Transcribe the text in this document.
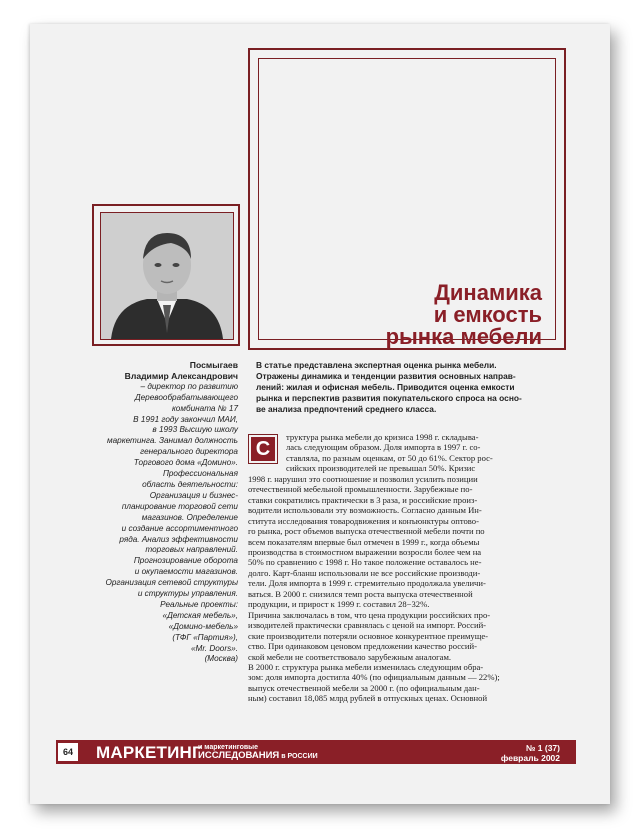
Динамика
и емкость
рынка мебели
Посмыгаев
Владимир Александрович
– директор по развитию
Деревообрабатывающего
комбината № 17
В 1991 году закончил МАИ,
в 1993 Высшую школу
маркетинга. Занимал должность
генерального директора
Торгового дома «Домино».
Профессиональная
область деятельности:
Организация и бизнес-
планирование торговой сети
магазинов. Определение
и создание ассортиментного
ряда. Анализ эффективности
торговых направлений.
Прогнозирование оборота
и окупаемости магазинов.
Организация сетевой структуры
и структуры управления.
Реальные проекты:
«Детская мебель»,
«Домино-мебель»
(ТФГ «Партия»),
«Mr. Doors».
(Москва)
В статье представлена экспертная оценка рынка мебели.
Отражены динамика и тенденции развития основных направ-
лений: жилая и офисная мебель. Приводится оценка емкости
рынка и перспектив развития покупательского спроса на осно-
ве анализа предпочтений среднего класса.
С
труктура рынка мебели до кризиса 1998 г. складыва-
лась следующим образом. Доля импорта в 1997 г. со-
ставляла, по разным оценкам, от 50 до 61%. Сектор рос-
сийских производителей не превышал 50%. Кризис
1998 г. нарушил это соотношение и позволил усилить позиции
отечественной мебельной промышленности. Зарубежные по-
ставки сократились практически в 3 раза, и российские произ-
водители использовали эту возможность. Согласно данным Ин-
ститута исследования товародвижения и конъюнктуры оптово-
го рынка, рост объемов выпуска отечественной мебели почти по
всем показателям впервые был отмечен в 1999 г., когда объемы
производства в стоимостном выражении возросли более чем на
50% по сравнению с 1998 г. Но такое положение оставалось не-
долго. Карт-бланш использовали не все российские производи-
тели. Доля импорта в 1999 г. стремительно продолжала увеличи-
ваться. В 2000 г. снизился темп роста выпуска отечественной
продукции, и прирост к 1999 г. составил 28−32%.
Причина заключалась в том, что цена продукции российских про-
изводителей практически сравнялась с ценой на импорт. Россий-
ские производители потеряли основное конкурентное преимуще-
ство. При одинаковом ценовом предложении качество россий-
ской мебели не соответствовало зарубежным аналогам.
В 2000 г. структура рынка мебели изменилась следующим обра-
зом: доля импорта достигла 40% (по официальным данным — 22%);
выпуск отечественной мебели за 2000 г. (по официальным дан-
ным) составил 18,085 млрд рублей в отпускных ценах. Основной
64	МАРКЕТИНГ
и маркетинговые
ИССЛЕДОВАНИЯ в РОССИИ
№ 1 (37)
февраль 2002
